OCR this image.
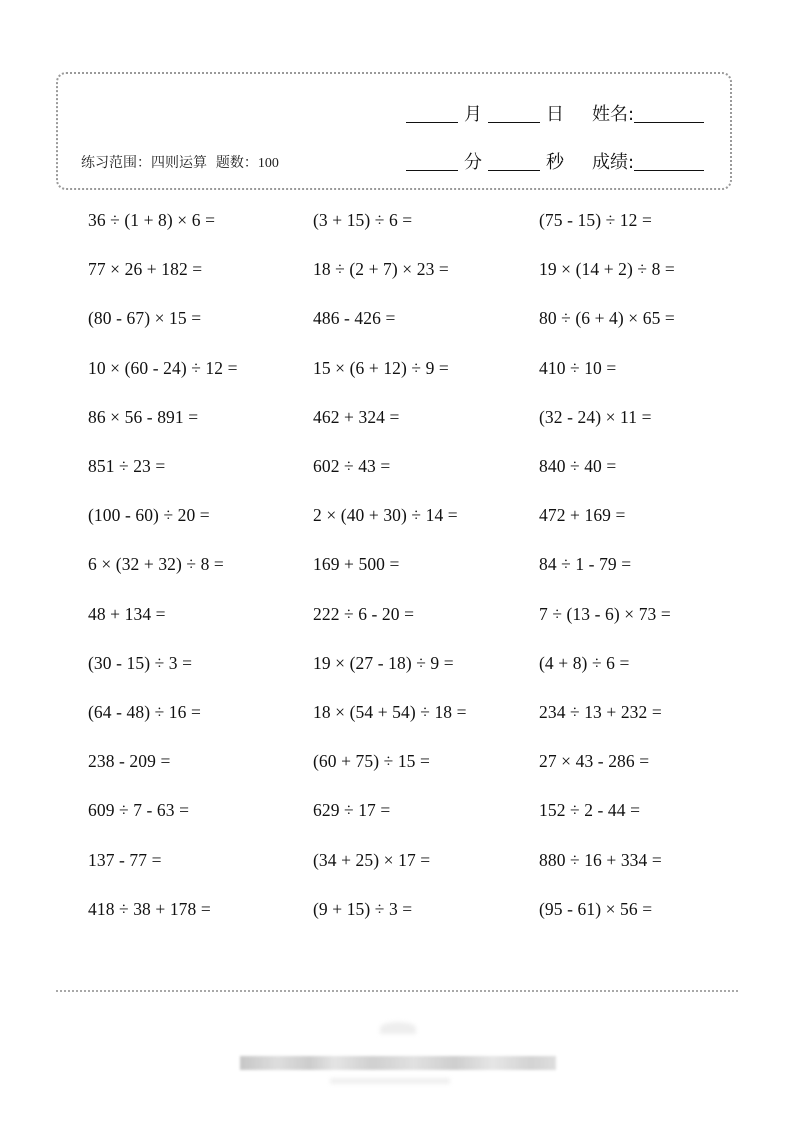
月	日 姓名:
分	秒 成绩:
练习范围：四则运算 题数：100
36 ÷ (1 + 8) × 6 =	(3 + 15) ÷ 6 =	(75 - 15) ÷ 12 =
77 × 26 + 182 =	18 ÷ (2 + 7) × 23 =	19 × (14 + 2) ÷ 8 =
(80 - 67) × 15 =	486 - 426 =	80 ÷ (6 + 4) × 65 =
10 × (60 - 24) ÷ 12 =	15 × (6 + 12) ÷ 9 =	410 ÷ 10 =
86 × 56 - 891 =	462 + 324 =	(32 - 24) × 11 =
851 ÷ 23 =	602 ÷ 43 =	840 ÷ 40 =
(100 - 60) ÷ 20 =	2 × (40 + 30) ÷ 14 =	472 + 169 =
6 × (32 + 32) ÷ 8 =	169 + 500 =	84 ÷ 1 - 79 =
48 + 134 =	222 ÷ 6 - 20 =	7 ÷ (13 - 6) × 73 =
(30 - 15) ÷ 3 =	19 × (27 - 18) ÷ 9 =	(4 + 8) ÷ 6 =
(64 - 48) ÷ 16 =	18 × (54 + 54) ÷ 18 =	234 ÷ 13 + 232 =
238 - 209 =	(60 + 75) ÷ 15 =	27 × 43 - 286 =
609 ÷ 7 - 63 =	629 ÷ 17 =	152 ÷ 2 - 44 =
137 - 77 =	(34 + 25) × 17 =	880 ÷ 16 + 334 =
418 ÷ 38 + 178 =	(9 + 15) ÷ 3 =	(95 - 61) × 56 =
